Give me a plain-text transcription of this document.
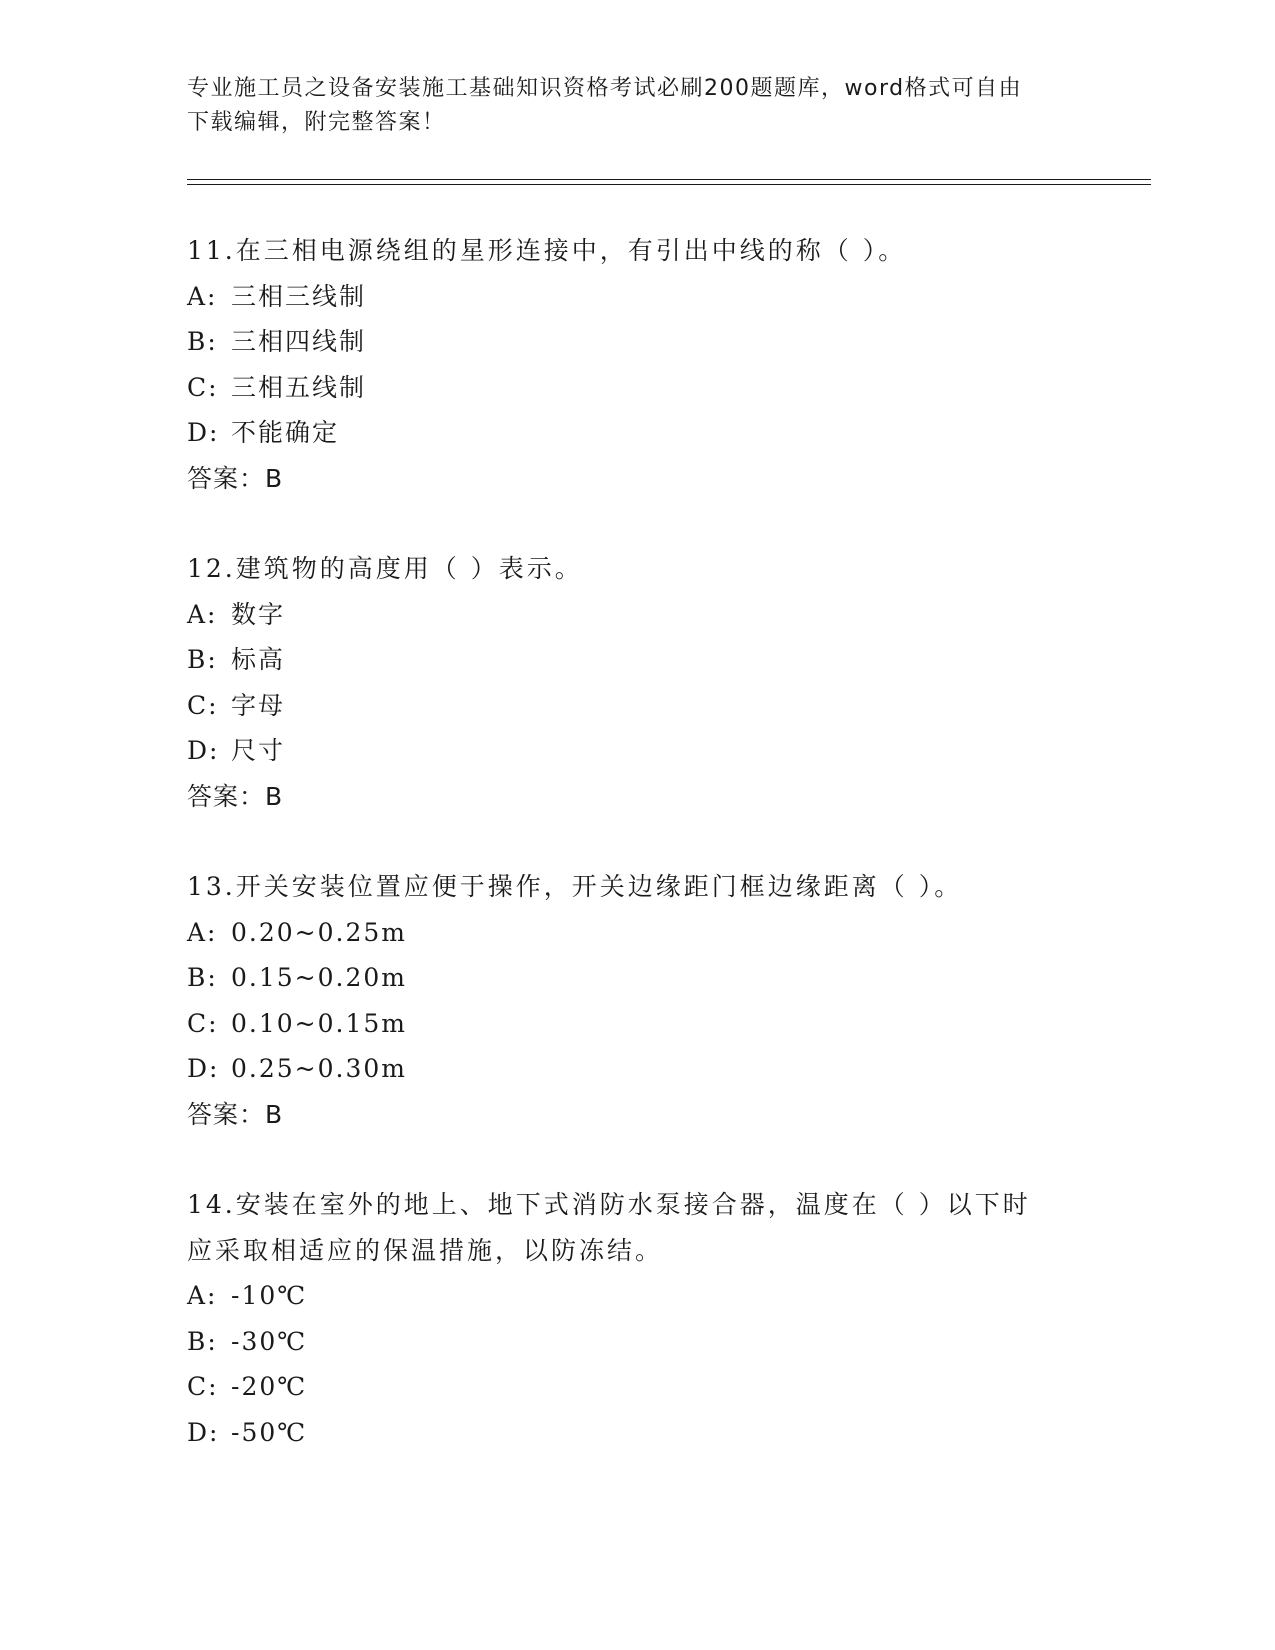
专业施工员之设备安装施工基础知识资格考试必刷200题题库，word格式可自由
下载编辑，附完整答案！
11.在三相电源绕组的星形连接中，有引出中线的称（ ）。
A: 三相三线制
B: 三相四线制
C: 三相五线制
D: 不能确定
答案：B
12.建筑物的高度用（ ）表示。
A: 数字
B: 标高
C: 字母
D: 尺寸
答案：B
13.开关安装位置应便于操作，开关边缘距门框边缘距离（ ）。
A: 0.20~0.25m
B: 0.15~0.20m
C: 0.10~0.15m
D: 0.25~0.30m
答案：B
14.安装在室外的地上、地下式消防水泵接合器，温度在（ ）以下时应采取相适应的保温措施，以防冻结。
A: -10℃
B: -30℃
C: -20℃
D: -50℃
